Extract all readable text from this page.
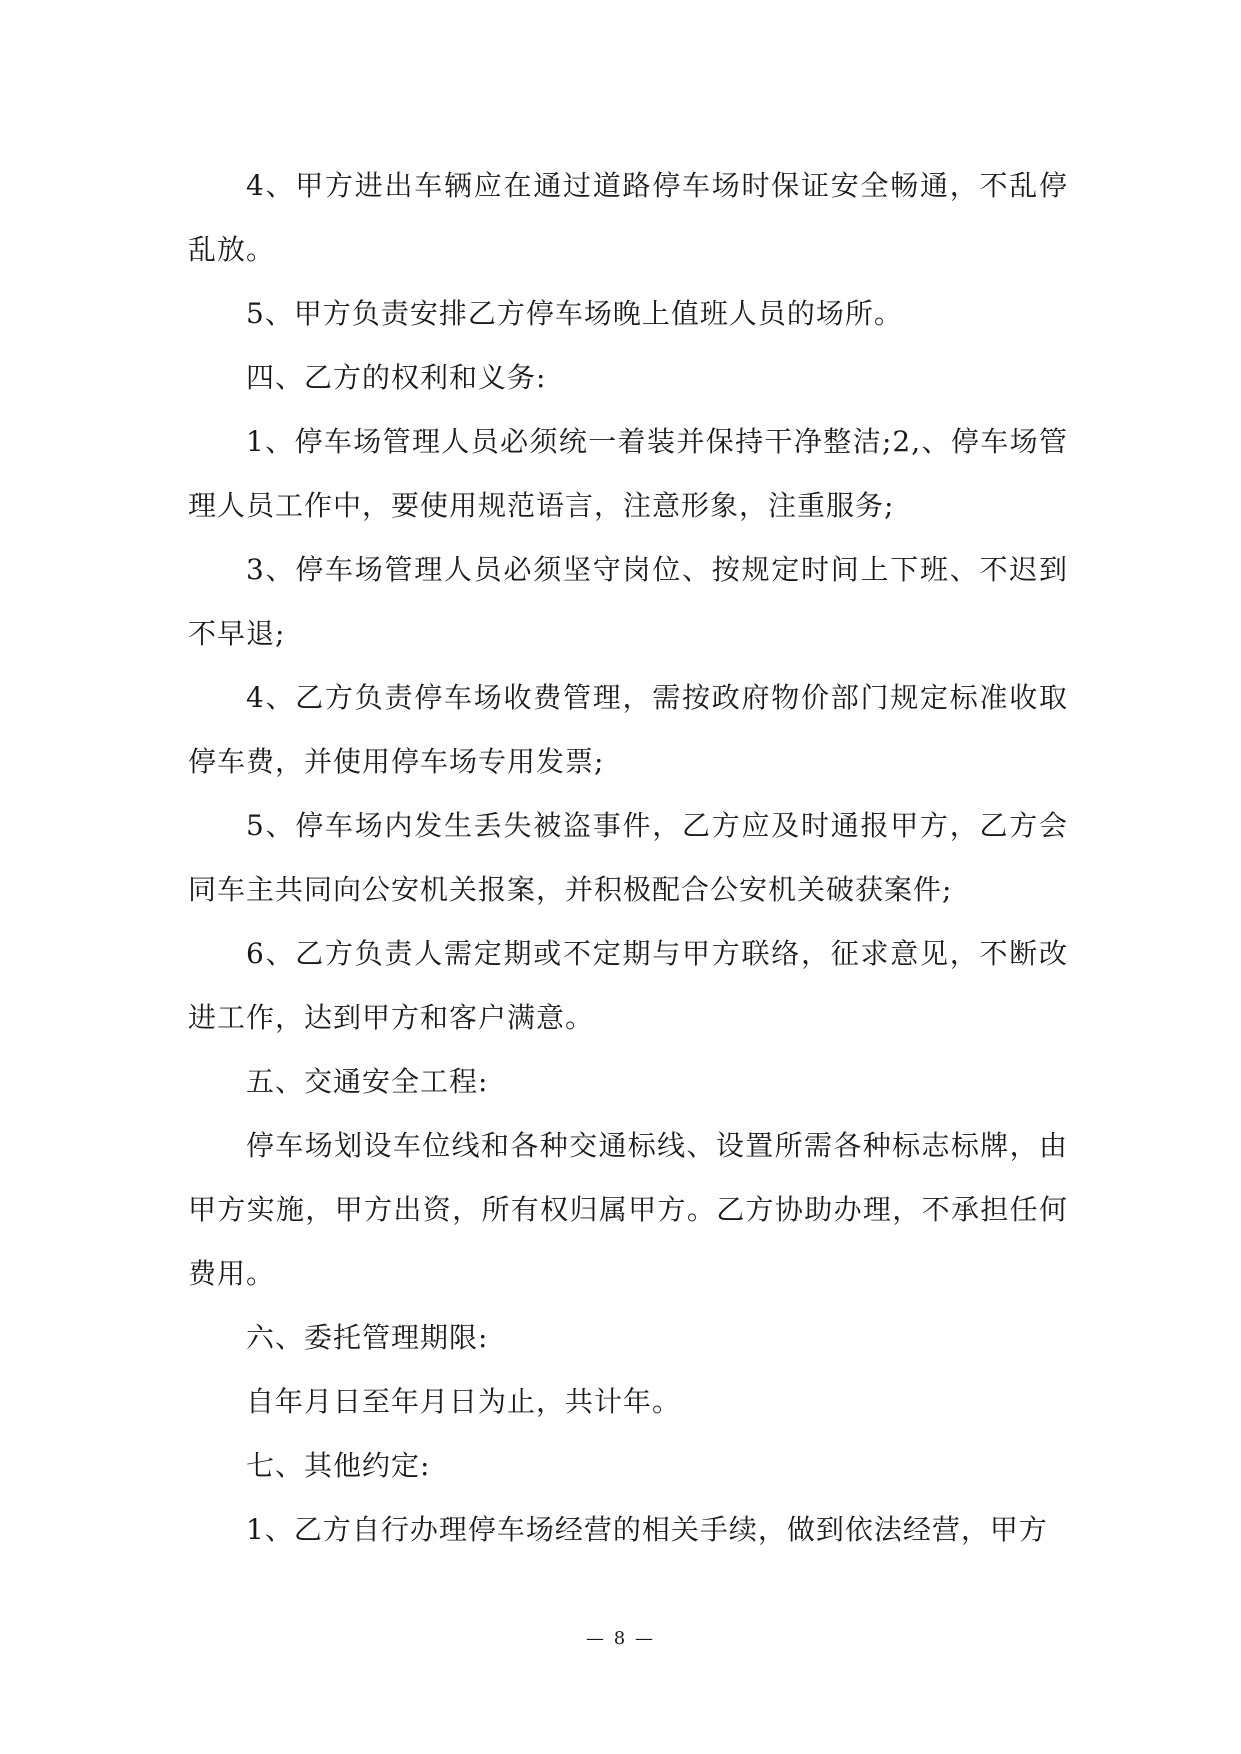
4、甲方进出车辆应在通过道路停车场时保证安全畅通，不乱停乱放。

5、甲方负责安排乙方停车场晚上值班人员的场所。

四、乙方的权利和义务:

1、停车场管理人员必须统一着装并保持干净整洁;2,、停车场管理人员工作中，要使用规范语言，注意形象，注重服务;

3、停车场管理人员必须坚守岗位、按规定时间上下班、不迟到不早退;

4、乙方负责停车场收费管理，需按政府物价部门规定标准收取停车费，并使用停车场专用发票;

5、停车场内发生丢失被盗事件，乙方应及时通报甲方，乙方会同车主共同向公安机关报案，并积极配合公安机关破获案件;

6、乙方负责人需定期或不定期与甲方联络，征求意见，不断改进工作，达到甲方和客户满意。

五、交通安全工程:

停车场划设车位线和各种交通标线、设置所需各种标志标牌，由甲方实施，甲方出资，所有权归属甲方。乙方协助办理，不承担任何费用。

六、委托管理期限:

自年月日至年月日为止，共计年。

七、其他约定:

1、乙方自行办理停车场经营的相关手续，做到依法经营，甲方

— 8 —
